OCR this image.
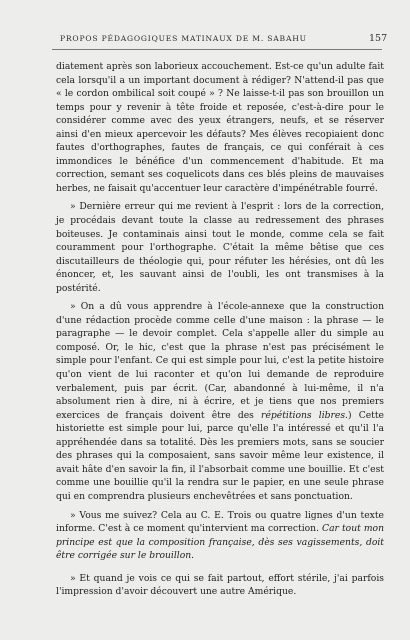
PROPOS PÉDAGOGIQUES MATINAUX DE M. SABAHU	157

diatement après son laborieux accouchement. Est-ce qu'un adulte fait cela lorsqu'il a un important document à rédiger? N'attend-il pas que « le cordon ombilical soit coupé » ? Ne laisse-t-il pas son brouillon un temps pour y revenir à tête froide et reposée, c'est-à-dire pour le considérer comme avec des yeux étrangers, neufs, et se réserver ainsi d'en mieux apercevoir les défauts? Mes élèves recopiaient donc fautes d'orthographes, fautes de français, ce qui conférait à ces immondices le bénéfice d'un commencement d'habitude. Et ma correction, semant ses coquelicots dans ces blés pleins de mauvaises herbes, ne faisait qu'accentuer leur caractère d'impénétrable fourré.

» Dernière erreur qui me revient à l'esprit : lors de la correction, je procédais devant toute la classe au redressement des phrases boiteuses. Je contaminais ainsi tout le monde, comme cela se fait couramment pour l'orthographe. C'était la même bêtise que ces discutailleurs de théologie qui, pour réfuter les hérésies, ont dû les énoncer, et, les sauvant ainsi de l'oubli, les ont transmises à la postérité.

» On a dû vous apprendre à l'école-annexe que la construction d'une rédaction procède comme celle d'une maison : la phrase — le paragraphe — le devoir complet. Cela s'appelle aller du simple au composé. Or, le hic, c'est que la phrase n'est pas précisément le simple pour l'enfant. Ce qui est simple pour lui, c'est la petite histoire qu'on vient de lui raconter et qu'on lui demande de reproduire verbalement, puis par écrit. (Car, abandonné à lui-même, il n'a absolument rien à dire, ni à écrire, et je tiens que nos premiers exercices de français doivent être des répétitions libres.) Cette historiette est simple pour lui, parce qu'elle l'a intéressé et qu'il l'a appréhendée dans sa totalité. Dès les premiers mots, sans se soucier des phrases qui la composaient, sans savoir même leur existence, il avait hâte d'en savoir la fin, il l'absorbait comme une bouillie. Et c'est comme une bouillie qu'il la rendra sur le papier, en une seule phrase qui en comprendra plusieurs enchevêtrées et sans ponctuation.

» Vous me suivez? Cela au C. E. Trois ou quatre lignes d'un texte informe. C'est à ce moment qu'intervient ma correction. Car tout mon principe est que la composition française, dès ses vagissements, doit être corrigée sur le brouillon.

» Et quand je vois ce qui se fait partout, effort stérile, j'ai parfois l'impression d'avoir découvert une autre Amérique.
